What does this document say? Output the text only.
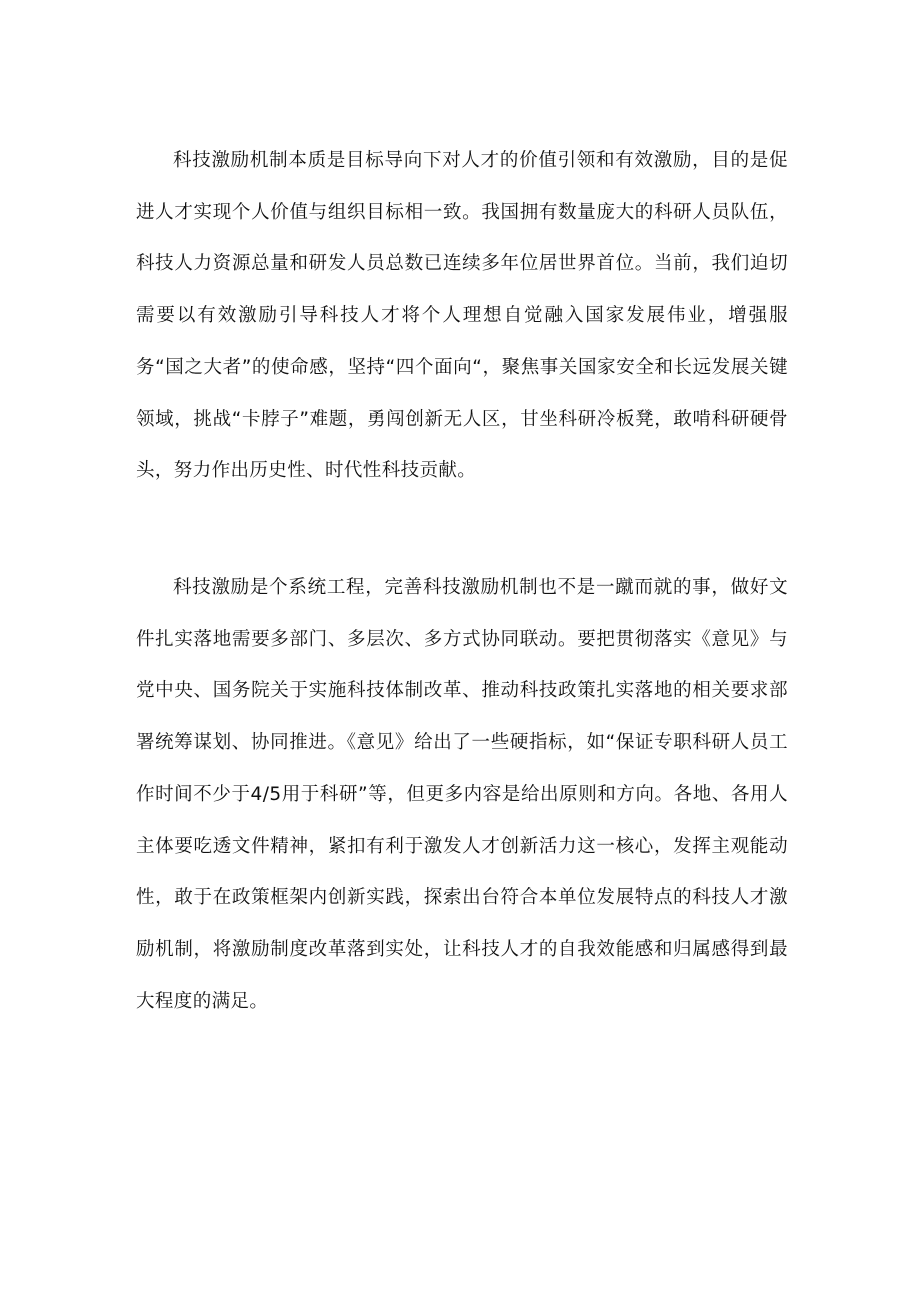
科技激励机制本质是目标导向下对人才的价值引领和有效激励，目的是促进人才实现个人价值与组织目标相一致。我国拥有数量庞大的科研人员队伍，科技人力资源总量和研发人员总数已连续多年位居世界首位。当前，我们迫切需要以有效激励引导科技人才将个人理想自觉融入国家发展伟业，增强服务“国之大者”的使命感，坚持“四个面向“，聚焦事关国家安全和长远发展关键领域，挑战“卡脖子”难题，勇闯创新无人区，甘坐科研冷板凳，敢啃科研硬骨头，努力作出历史性、时代性科技贡献。

科技激励是个系统工程，完善科技激励机制也不是一蹴而就的事，做好文件扎实落地需要多部门、多层次、多方式协同联动。要把贯彻落实《意见》与党中央、国务院关于实施科技体制改革、推动科技政策扎实落地的相关要求部署统筹谋划、协同推进。《意见》给出了一些硬指标，如“保证专职科研人员工作时间不少于4/5用于科研”等，但更多内容是给出原则和方向。各地、各用人主体要吃透文件精神，紧扣有利于激发人才创新活力这一核心，发挥主观能动性，敢于在政策框架内创新实践，探索出台符合本单位发展特点的科技人才激励机制，将激励制度改革落到实处，让科技人才的自我效能感和归属感得到最大程度的满足。
